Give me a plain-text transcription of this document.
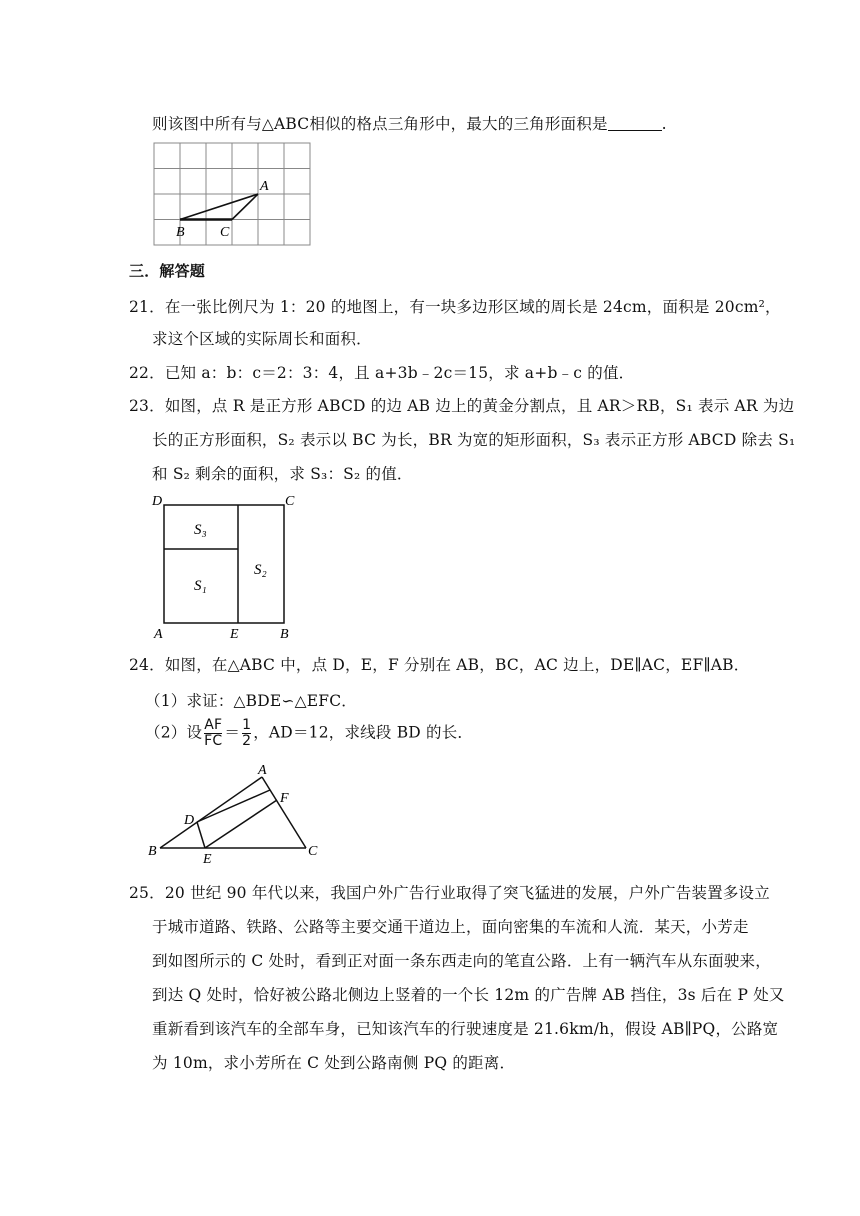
则该图中所有与△ABC相似的格点三角形中，最大的三角形面积是	.
A
B	C
三．解答题
21．在一张比例尺为 1：20 的地图上，有一块多边形区域的周长是 24cm，面积是 20cm²，
求这个区域的实际周长和面积．
22．已知 a：b：c＝2：3：4，且 a+3b﹣2c＝15，求 a+b﹣c 的值．
23．如图，点 R 是正方形 ABCD 的边 AB 边上的黄金分割点，且 AR＞RB，S₁ 表示 AR 为边
长的正方形面积，S₂ 表示以 BC 为长，BR 为宽的矩形面积，S₃ 表示正方形 ABCD 除去 S₁
和 S₂ 剩余的面积，求 S₃：S₂ 的值．
D	C
A	E	B
S₃
S₂
S₁
24．如图，在△ABC 中，点 D，E，F 分别在 AB，BC，AC 边上，DE∥AC，EF∥AB．
（1）求证：△BDE∽△EFC．
（2）设 $\frac{AF}{FC} = \frac{1}{2}$ ，AD＝12，求线段 BD 的长．
A
F
D
B
E
C
25．20 世纪 90 年代以来，我国户外广告行业取得了突飞猛进的发展，户外广告装置多设立
于城市道路、铁路、公路等主要交通干道边上，面向密集的车流和人流．某天，小芳走
到如图所示的 C 处时，看到正对面一条东西走向的笔直公路．上有一辆汽车从东面驶来，
到达 Q 处时，恰好被公路北侧边上竖着的一个长 12m 的广告牌 AB 挡住，3s 后在 P 处又
重新看到该汽车的全部车身，已知该汽车的行驶速度是 21.6km/h，假设 AB∥PQ，公路宽
为 10m，求小芳所在 C 处到公路南侧 PQ 的距离．
